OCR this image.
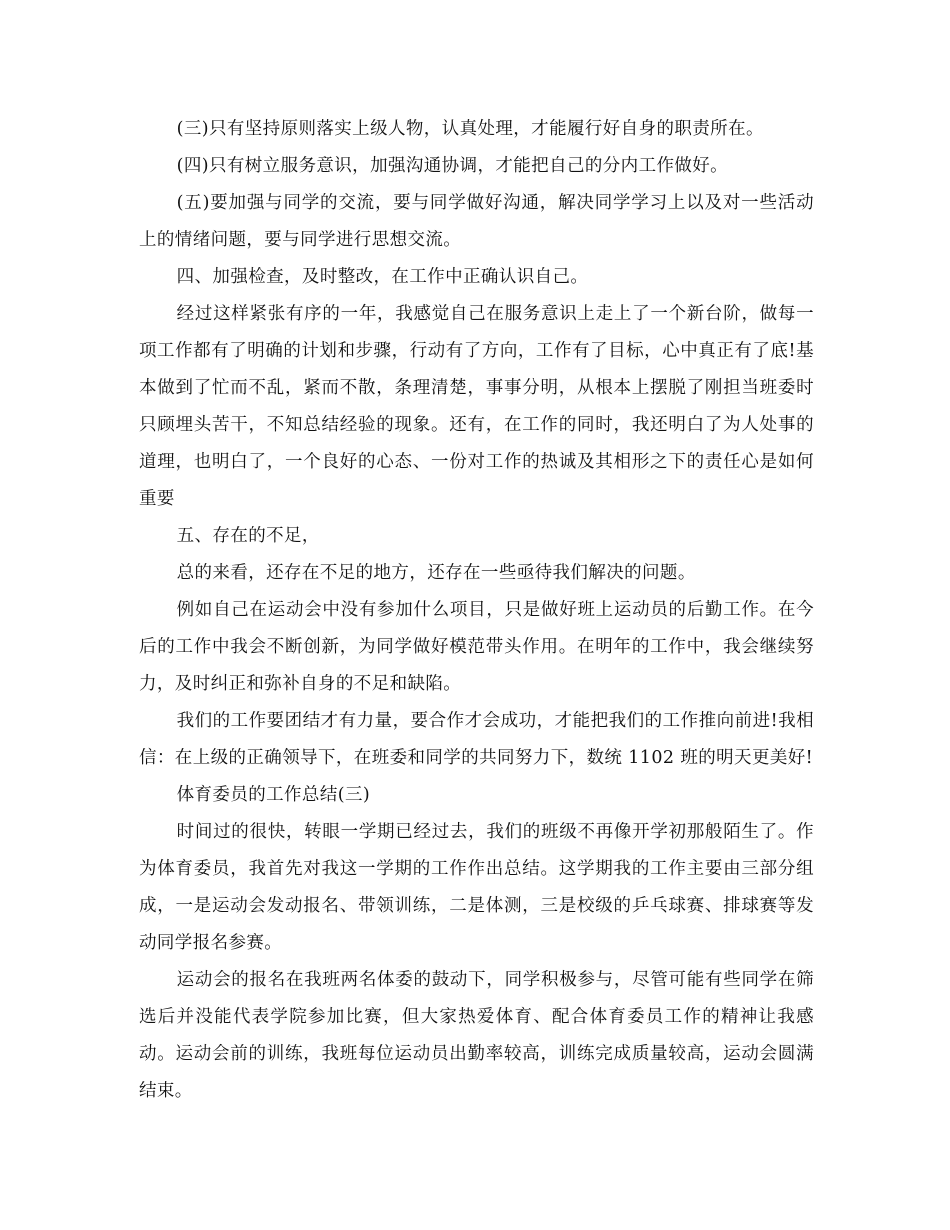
(三)只有坚持原则落实上级人物，认真处理，才能履行好自身的职责所在。

(四)只有树立服务意识，加强沟通协调，才能把自己的分内工作做好。

(五)要加强与同学的交流，要与同学做好沟通，解决同学学习上以及对一些活动上的情绪问题，要与同学进行思想交流。

四、加强检查，及时整改，在工作中正确认识自己。

经过这样紧张有序的一年，我感觉自己在服务意识上走上了一个新台阶，做每一项工作都有了明确的计划和步骤，行动有了方向，工作有了目标，心中真正有了底!基本做到了忙而不乱，紧而不散，条理清楚，事事分明，从根本上摆脱了刚担当班委时只顾埋头苦干，不知总结经验的现象。还有，在工作的同时，我还明白了为人处事的道理，也明白了，一个良好的心态、一份对工作的热诚及其相形之下的责任心是如何重要

五、存在的不足，

总的来看，还存在不足的地方，还存在一些亟待我们解决的问题。

例如自己在运动会中没有参加什么项目，只是做好班上运动员的后勤工作。在今后的工作中我会不断创新，为同学做好模范带头作用。在明年的工作中，我会继续努力，及时纠正和弥补自身的不足和缺陷。

我们的工作要团结才有力量，要合作才会成功，才能把我们的工作推向前进!我相信：在上级的正确领导下，在班委和同学的共同努力下，数统 1102 班的明天更美好!

体育委员的工作总结(三)

时间过的很快，转眼一学期已经过去，我们的班级不再像开学初那般陌生了。作为体育委员，我首先对我这一学期的工作作出总结。这学期我的工作主要由三部分组成，一是运动会发动报名、带领训练，二是体测，三是校级的乒乓球赛、排球赛等发动同学报名参赛。

运动会的报名在我班两名体委的鼓动下，同学积极参与，尽管可能有些同学在筛选后并没能代表学院参加比赛，但大家热爱体育、配合体育委员工作的精神让我感动。运动会前的训练，我班每位运动员出勤率较高，训练完成质量较高，运动会圆满结束。
